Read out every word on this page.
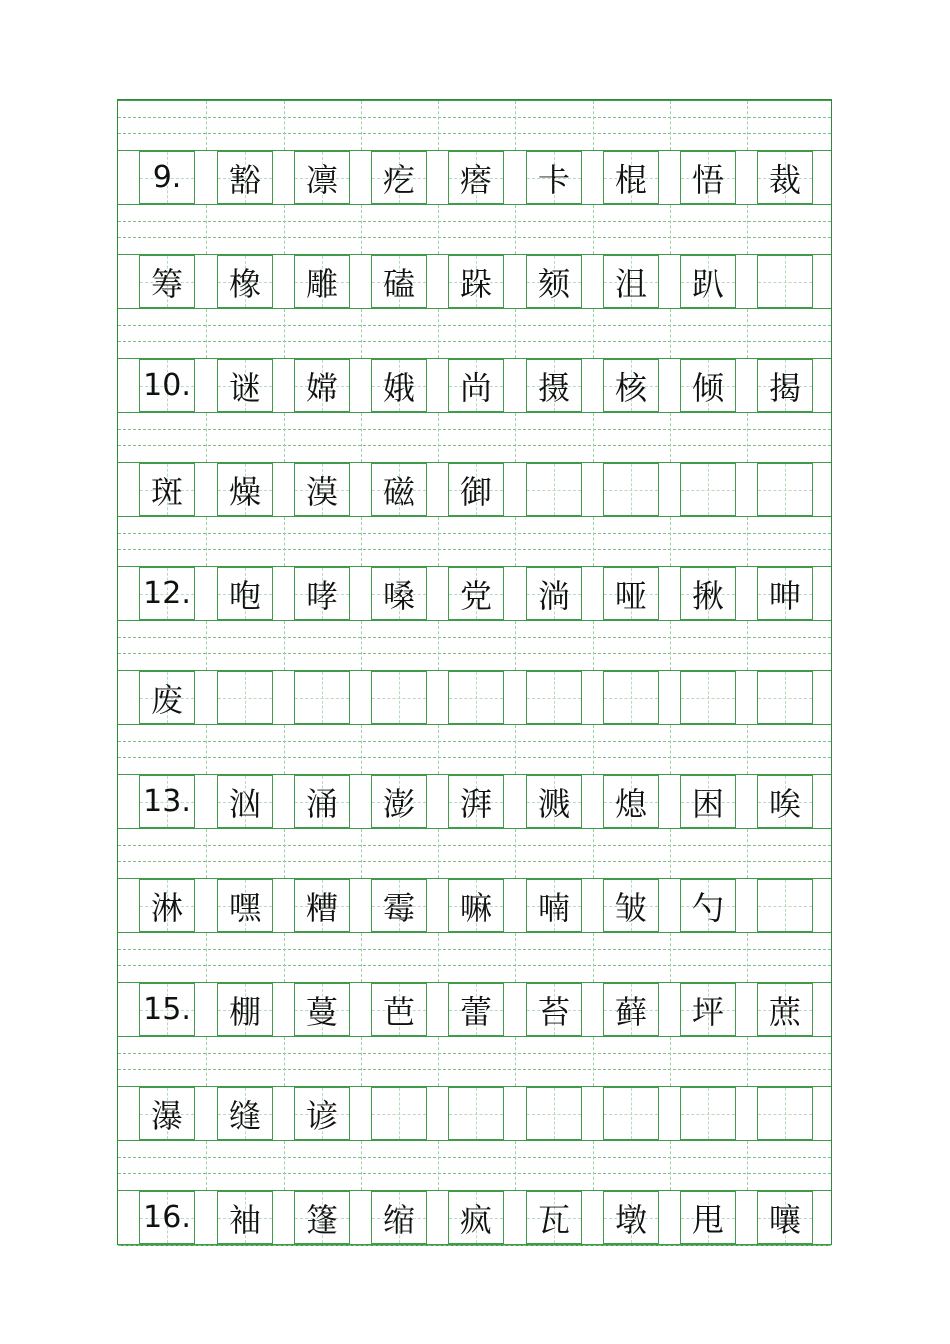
9.	豁	凛	疙	瘩	卡	棍	悟	裁
筹	橡	雕	磕	跺	颏	沮	趴
10.	谜	嫦	娥	尚	摄	核	倾	揭
斑	燥	漠	磁	御
12.	咆	哮	嗓	党	淌	哑	揪	呻
废
13.	汹	涌	澎	湃	溅	熄	困	唉
淋	嘿	糟	霉	嘛	喃	皱	勺
15.	棚	蔓	芭	蕾	苔	藓	坪	蔗
瀑	缝	谚
16.	袖	篷	缩	疯	瓦	墩	甩	嚷
